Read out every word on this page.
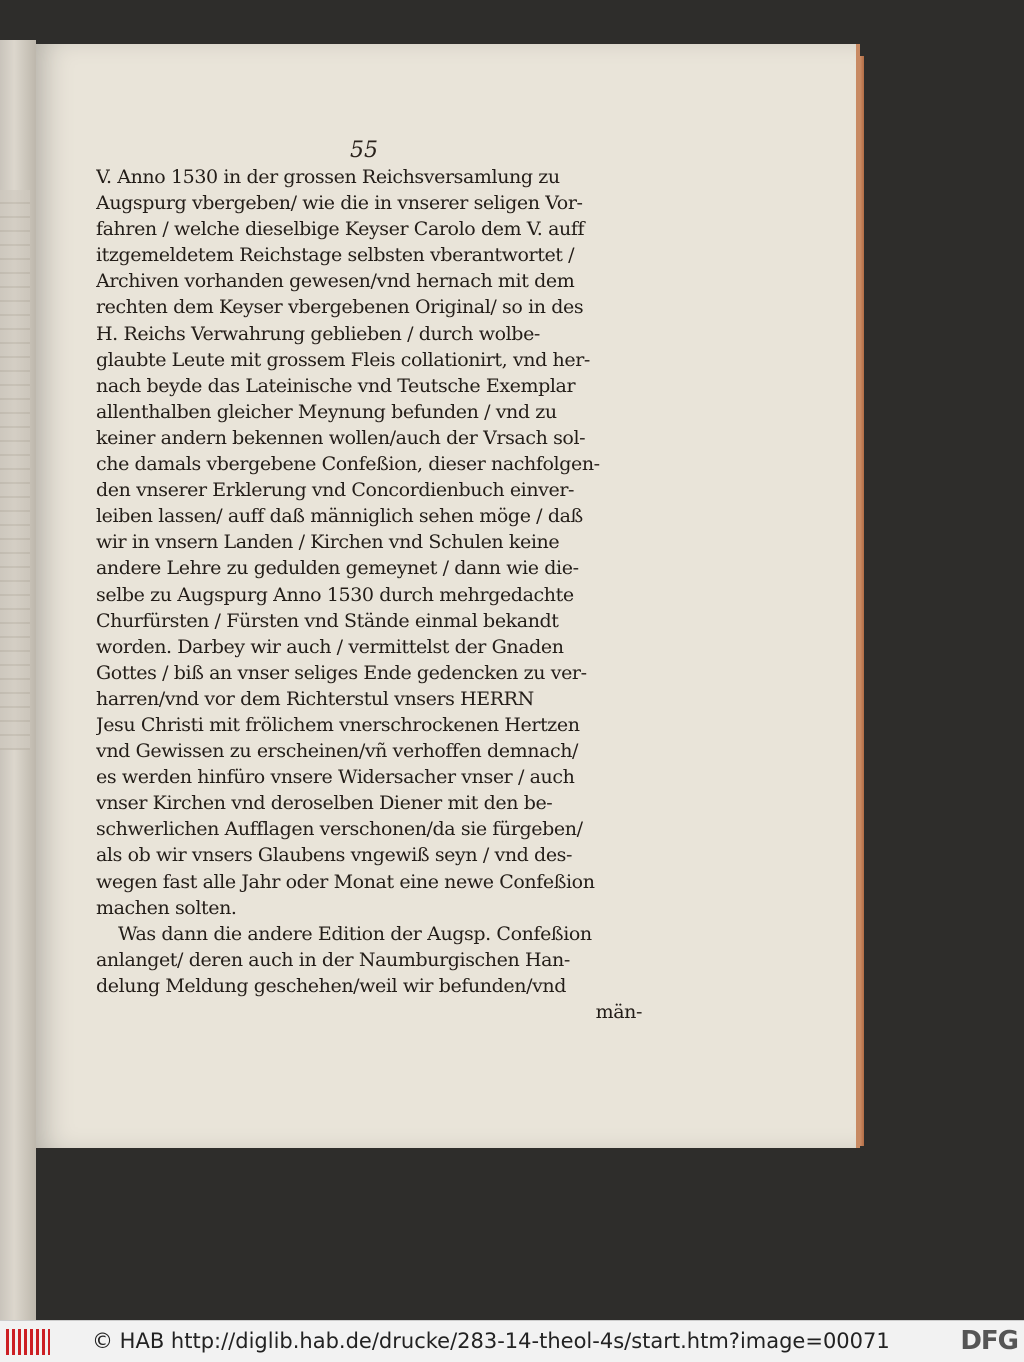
55
V. Anno 1530 in der grossen Reichsversamlung zu
Augspurg vbergeben/ wie die in vnserer seligen Vor-
fahren / welche dieselbige Keyser Carolo dem V. auff
itzgemeldetem Reichstage selbsten vberantwortet /
Archiven vorhanden gewesen/vnd hernach mit dem
rechten dem Keyser vbergebenen Original/ so in des
H. Reichs Verwahrung geblieben / durch wolbe-
glaubte Leute mit grossem Fleis collationirt, vnd her-
nach beyde das Lateinische vnd Teutsche Exemplar
allenthalben gleicher Meynung befunden / vnd zu
keiner andern bekennen wollen/auch der Vrsach sol-
che damals vbergebene Confeßion, dieser nachfolgen-
den vnserer Erklerung vnd Concordienbuch einver-
leiben lassen/ auff daß männiglich sehen möge / daß
wir in vnsern Landen / Kirchen vnd Schulen keine
andere Lehre zu gedulden gemeynet / dann wie die-
selbe zu Augspurg Anno 1530 durch mehrgedachte
Churfürsten / Fürsten vnd Stände einmal bekandt
worden. Darbey wir auch / vermittelst der Gnaden
Gottes / biß an vnser seliges Ende gedencken zu ver-
harren/vnd vor dem Richterstul vnsers HERRN
Jesu Christi mit frölichem vnerschrockenen Hertzen
vnd Gewissen zu erscheinen/vñ verhoffen demnach/
es werden hinfüro vnsere Widersacher vnser / auch
vnser Kirchen vnd deroselben Diener mit den be-
schwerlichen Aufflagen verschonen/da sie fürgeben/
als ob wir vnsers Glaubens vngewiß seyn / vnd des-
wegen fast alle Jahr oder Monat eine newe Confeßion
machen solten.
Was dann die andere Edition der Augsp. Confeßion
anlanget/ deren auch in der Naumburgischen Han-
delung Meldung geschehen/weil wir befunden/vnd
män-
© HAB http://diglib.hab.de/drucke/283-14-theol-4s/start.htm?image=00071	DFG
